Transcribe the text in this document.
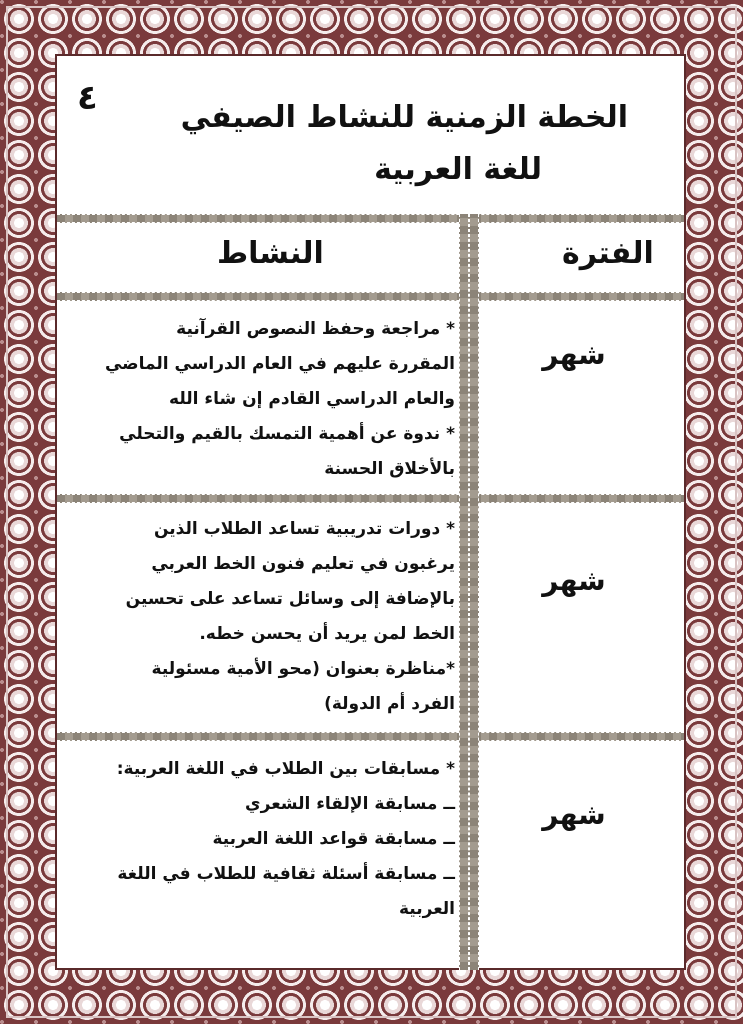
٤	الخطة الزمنية للنشاط الصيفي
للغة العربية
النشاط	الفترة
شهر

* مراجعة وحفظ النصوص القرآنية

المقررة عليهم في العام الدراسي الماضي

والعام الدراسي القادم إن شاء الله

* ندوة عن أهمية التمسك بالقيم والتحلي

بالأخلاق الحسنة

شهر

* دورات تدريبية تساعد الطلاب الذين

يرغبون في تعليم فنون الخط العربي

بالإضافة إلى وسائل تساعد على تحسين

الخط لمن يريد أن يحسن خطه.

*مناظرة بعنوان (محو الأمية مسئولية

الفرد أم الدولة)

شهر

* مسابقات بين الطلاب في اللغة العربية:

ــ مسابقة الإلقاء الشعري

ــ مسابقة قواعد اللغة العربية

ــ مسابقة أسئلة ثقافية للطلاب في اللغة

العربية
